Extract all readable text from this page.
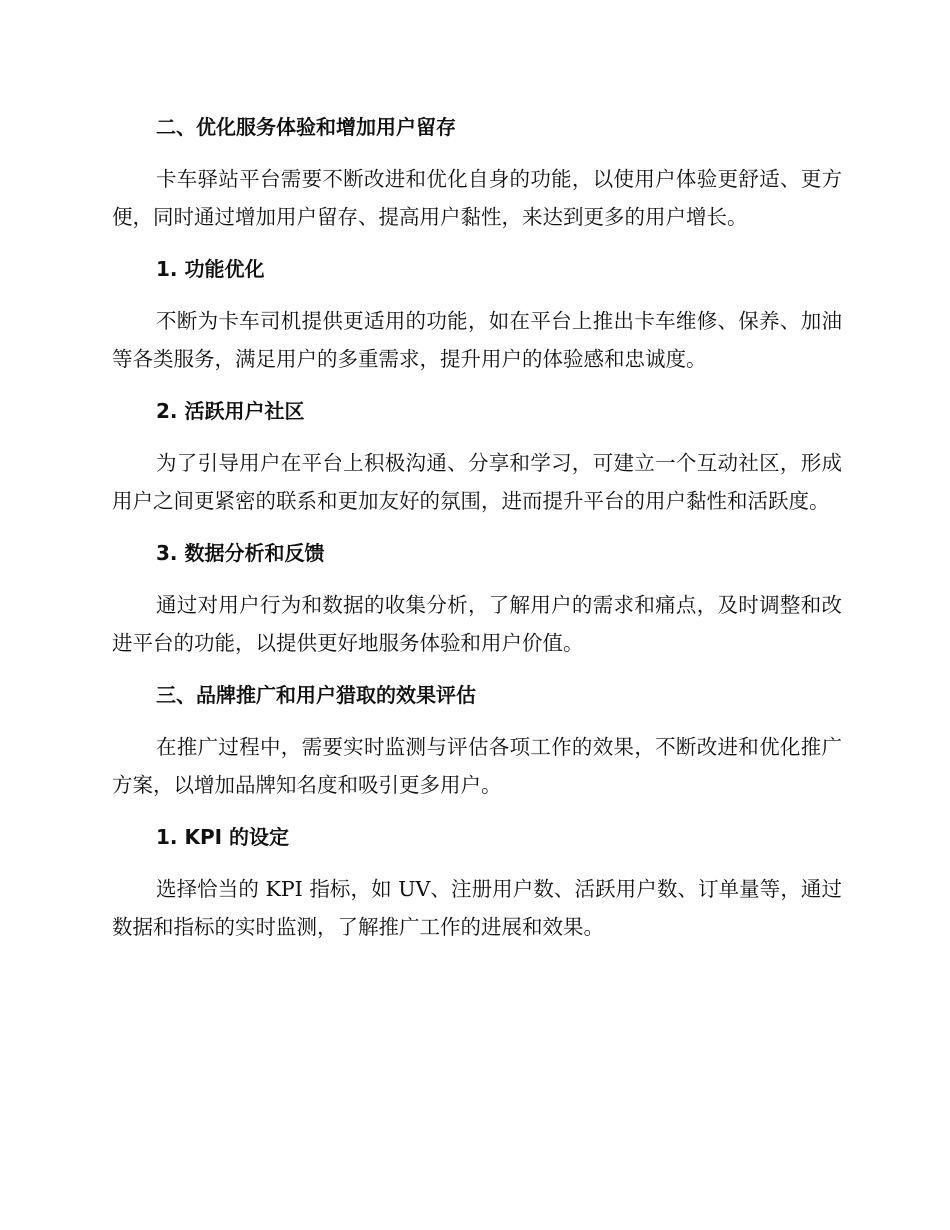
二、优化服务体验和增加用户留存

卡车驿站平台需要不断改进和优化自身的功能，以使用户体验更舒适、更方便，同时通过增加用户留存、提高用户黏性，来达到更多的用户增长。

1. 功能优化

不断为卡车司机提供更适用的功能，如在平台上推出卡车维修、保养、加油等各类服务，满足用户的多重需求，提升用户的体验感和忠诚度。

2. 活跃用户社区

为了引导用户在平台上积极沟通、分享和学习，可建立一个互动社区，形成用户之间更紧密的联系和更加友好的氛围，进而提升平台的用户黏性和活跃度。

3. 数据分析和反馈

通过对用户行为和数据的收集分析，了解用户的需求和痛点，及时调整和改进平台的功能，以提供更好地服务体验和用户价值。

三、品牌推广和用户猎取的效果评估

在推广过程中，需要实时监测与评估各项工作的效果，不断改进和优化推广方案，以增加品牌知名度和吸引更多用户。

1. KPI 的设定

选择恰当的 KPI 指标，如 UV、注册用户数、活跃用户数、订单量等，通过数据和指标的实时监测，了解推广工作的进展和效果。
